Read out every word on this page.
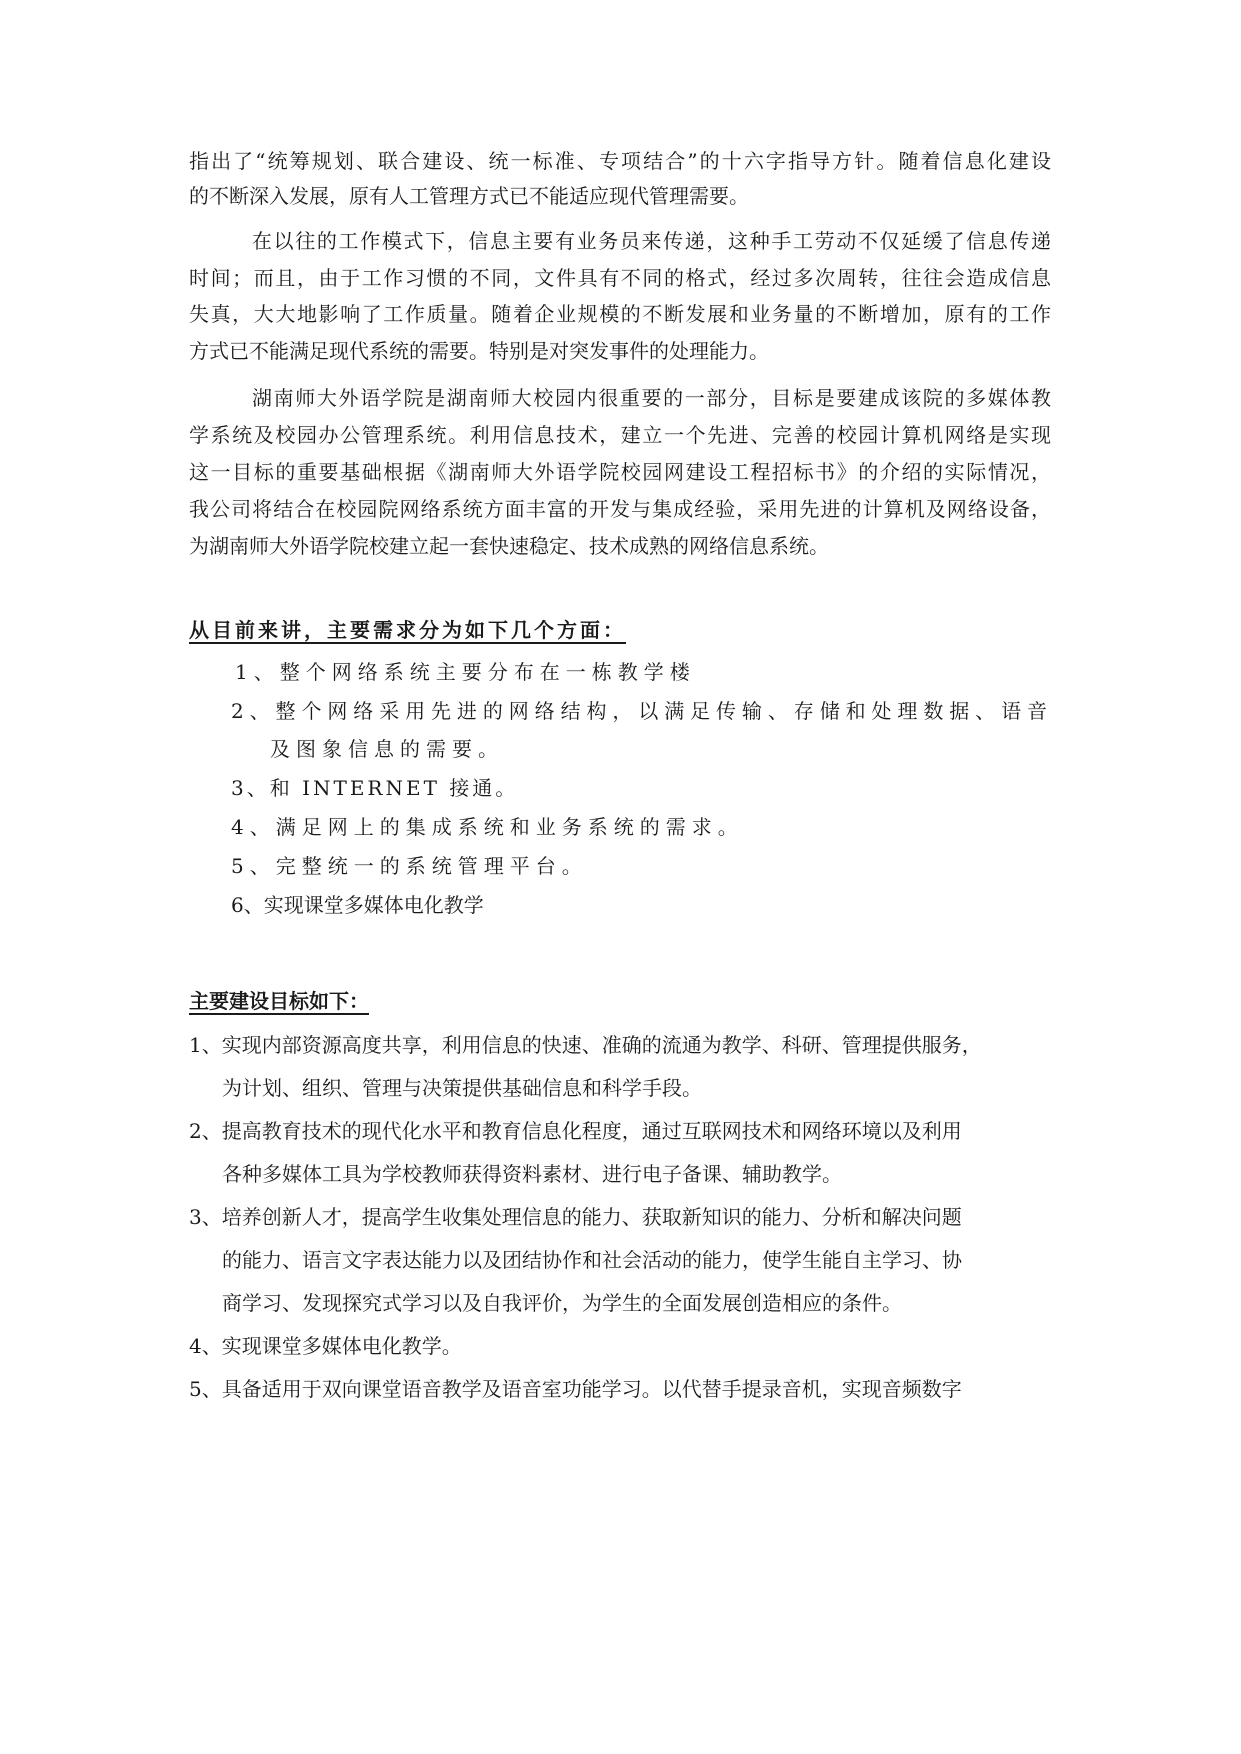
指出了“统筹规划、联合建设、统一标准、专项结合”的十六字指导方针。随着信息化建设
的不断深入发展，原有人工管理方式已不能适应现代管理需要。
在以往的工作模式下，信息主要有业务员来传递，这种手工劳动不仅延缓了信息传递
时间；而且，由于工作习惯的不同，文件具有不同的格式，经过多次周转，往往会造成信息
失真，大大地影响了工作质量。随着企业规模的不断发展和业务量的不断增加，原有的工作
方式已不能满足现代系统的需要。特别是对突发事件的处理能力。
湖南师大外语学院是湖南师大校园内很重要的一部分，目标是要建成该院的多媒体教
学系统及校园办公管理系统。利用信息技术，建立一个先进、完善的校园计算机网络是实现
这一目标的重要基础根据《湖南师大外语学院校园网建设工程招标书》的介绍的实际情况，
我公司将结合在校园院网络系统方面丰富的开发与集成经验，采用先进的计算机及网络设备，
为湖南师大外语学院校建立起一套快速稳定、技术成熟的网络信息系统。
从目前来讲，主要需求分为如下几个方面：
1、整个网络系统主要分布在一栋教学楼
2、整个网络采用先进的网络结构，以满足传输、存储和处理数据、语音
及图象信息的需要。
3、和 INTERNET 接通。
4、满足网上的集成系统和业务系统的需求。
5、完整统一的系统管理平台。
6、实现课堂多媒体电化教学
主要建设目标如下：
1、实现内部资源高度共享，利用信息的快速、准确的流通为教学、科研、管理提供服务，
为计划、组织、管理与决策提供基础信息和科学手段。
2、提高教育技术的现代化水平和教育信息化程度，通过互联网技术和网络环境以及利用
各种多媒体工具为学校教师获得资料素材、进行电子备课、辅助教学。
3、培养创新人才，提高学生收集处理信息的能力、获取新知识的能力、分析和解决问题
的能力、语言文字表达能力以及团结协作和社会活动的能力，使学生能自主学习、协
商学习、发现探究式学习以及自我评价，为学生的全面发展创造相应的条件。
4、实现课堂多媒体电化教学。
5、具备适用于双向课堂语音教学及语音室功能学习。以代替手提录音机，实现音频数字
